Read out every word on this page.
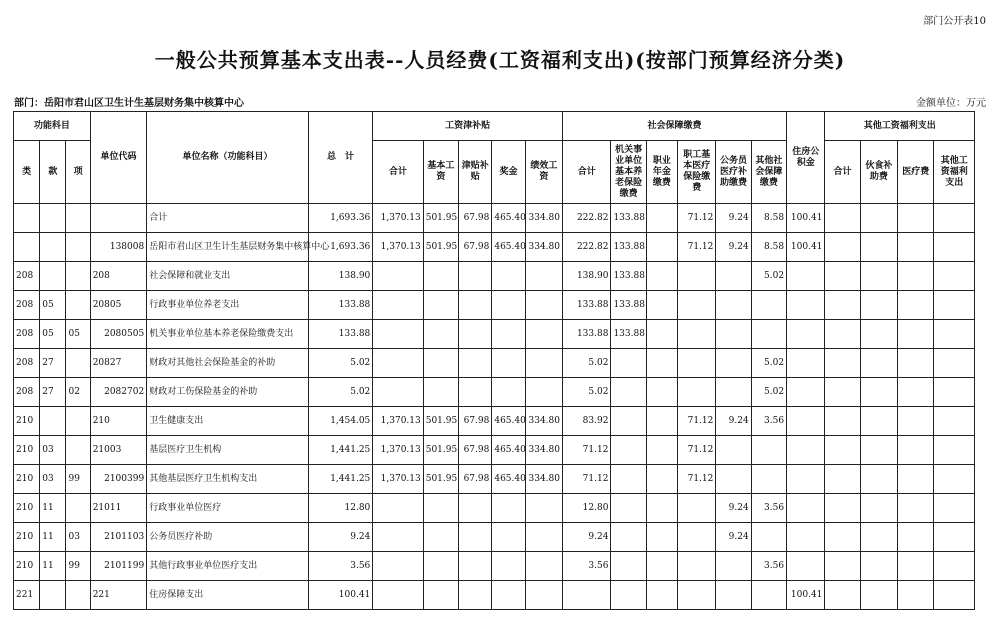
部门公开表10
一般公共预算基本支出表--人员经费(工资福利支出)(按部门预算经济分类)
部门：岳阳市君山区卫生计生基层财务集中核算中心	金额单位：万元
功能科目			单位代码	单位名称（功能科目）	总　计	工资津补贴					社会保障缴费						住房公积金	其他工资福利支出			
类	款	项				合计	基本工资	津贴补贴	奖金	绩效工资	合计	机关事业单位基本养老保险缴费	职业年金缴费	职工基本医疗保险缴费	公务员医疗补助缴费	其他社会保障缴费		合计	伙食补助费	医疗费	其他工资福利支出
				合计	1,693.36	1,370.13	501.95	67.98	465.40	334.80	222.82	133.88		71.12	9.24	8.58	100.41				
			138008	岳阳市君山区卫生计生基层财务集中核算中心	1,693.36	1,370.13	501.95	67.98	465.40	334.80	222.82	133.88		71.12	9.24	8.58	100.41				
208			208	社会保障和就业支出	138.90						138.90	133.88				5.02					
208	05		20805	行政事业单位养老支出	133.88						133.88	133.88									
208	05	05	2080505	机关事业单位基本养老保险缴费支出	133.88						133.88	133.88									
208	27		20827	财政对其他社会保险基金的补助	5.02						5.02					5.02					
208	27	02	2082702	财政对工伤保险基金的补助	5.02						5.02					5.02					
210			210	卫生健康支出	1,454.05	1,370.13	501.95	67.98	465.40	334.80	83.92			71.12	9.24	3.56					
210	03		21003	基层医疗卫生机构	1,441.25	1,370.13	501.95	67.98	465.40	334.80	71.12			71.12							
210	03	99	2100399	其他基层医疗卫生机构支出	1,441.25	1,370.13	501.95	67.98	465.40	334.80	71.12			71.12							
210	11		21011	行政事业单位医疗	12.80						12.80				9.24	3.56					
210	11	03	2101103	公务员医疗补助	9.24						9.24				9.24						
210	11	99	2101199	其他行政事业单位医疗支出	3.56						3.56					3.56					
221			221	住房保障支出	100.41												100.41				
